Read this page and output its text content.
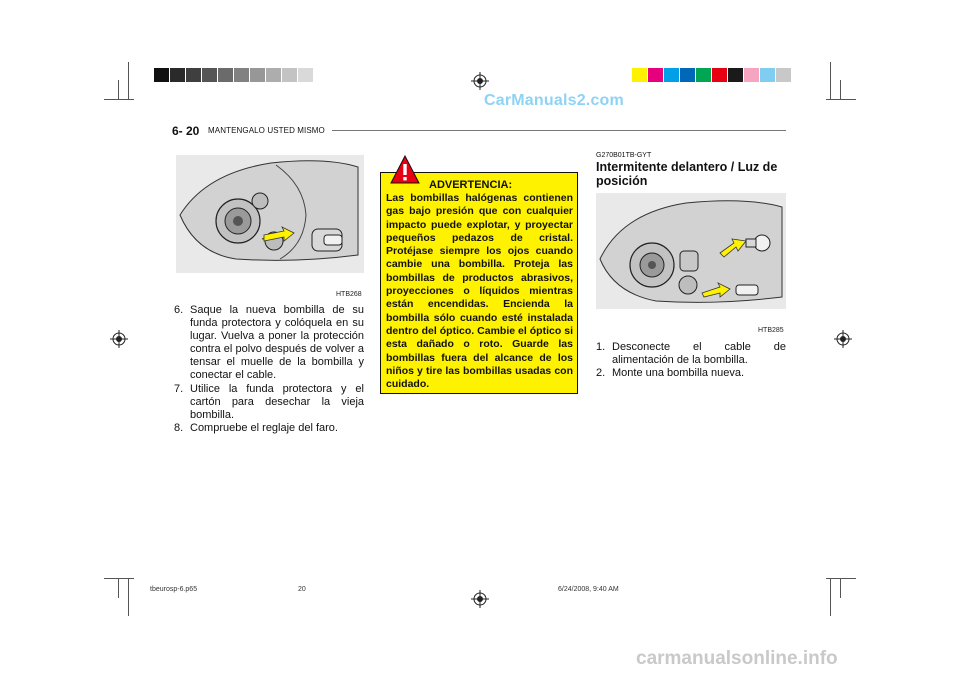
CarManuals2.com
6- 20 MANTENGALO USTED MISMO
HTB268
6. Saque la nueva bombilla de su funda protectora y colóquela en su lugar. Vuelva a poner la protección contra el polvo después de volver a tensar el muelle de la bombilla y conectar el cable.
7. Utilice la funda protectora y el cartón para desechar la vieja bombilla.
8. Compruebe el reglaje del faro.
ADVERTENCIA:

Las bombillas halógenas contienen gas bajo presión que con cualquier impacto puede explotar, y proyectar pequeños pedazos de cristal. Protéjase siempre los ojos cuando cambie una bombilla. Proteja las bombillas de productos abrasivos, proyecciones o líquidos mientras están encendidas. Encienda la bombilla sólo cuando esté instalada dentro del óptico. Cambie el óptico si esta dañado o roto. Guarde las bombillas fuera del alcance de los niños y tire las bombillas usadas con cuidado.

G270B01TB-GYT
Intermitente delantero / Luz de posición
HTB285
1. Desconecte el cable de alimentación de la bombilla.
2. Monte una bombilla nueva.
tbeurosp-6.p65	20	6/24/2008, 9:40 AM
carmanualsonline.info
